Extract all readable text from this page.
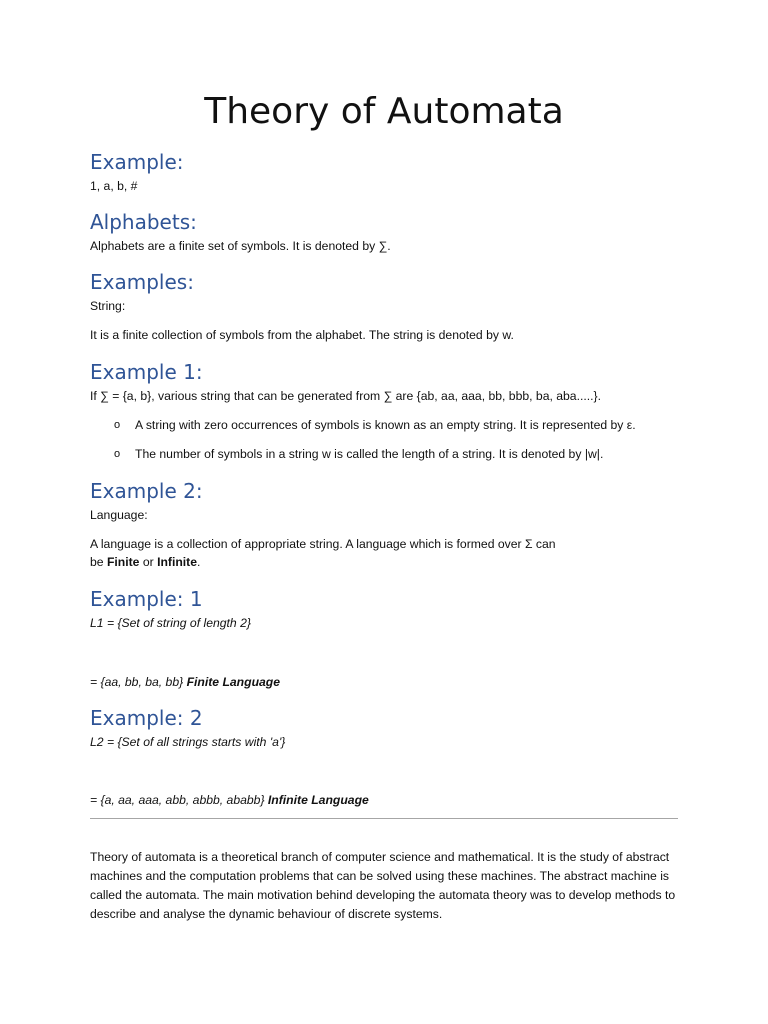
Theory of Automata
Example:

1, a, b, #

Alphabets:

Alphabets are a finite set of symbols. It is denoted by ∑.

Examples:

String:

It is a finite collection of symbols from the alphabet. The string is denoted by w.

Example 1:

If ∑ = {a, b}, various string that can be generated from ∑ are {ab, aa, aaa, bb, bbb, ba, aba.....}.

o A string with zero occurrences of symbols is known as an empty string. It is represented by ε.

o The number of symbols in a string w is called the length of a string. It is denoted by |w|.

Example 2:

Language:

A language is a collection of appropriate string. A language which is formed over Σ can

be Finite or Infinite.

Example: 1

L1 = {Set of string of length 2}

= {aa, bb, ba, bb} Finite Language

Example: 2

L2 = {Set of all strings starts with 'a'}

= {a, aa, aaa, abb, abbb, ababb} Infinite Language

Theory of automata is a theoretical branch of computer science and mathematical. It is the study of abstract machines and the computation problems that can be solved using these machines. The abstract machine is called the automata. The main motivation behind developing the automata theory was to develop methods to describe and analyse the dynamic behaviour of discrete systems.
